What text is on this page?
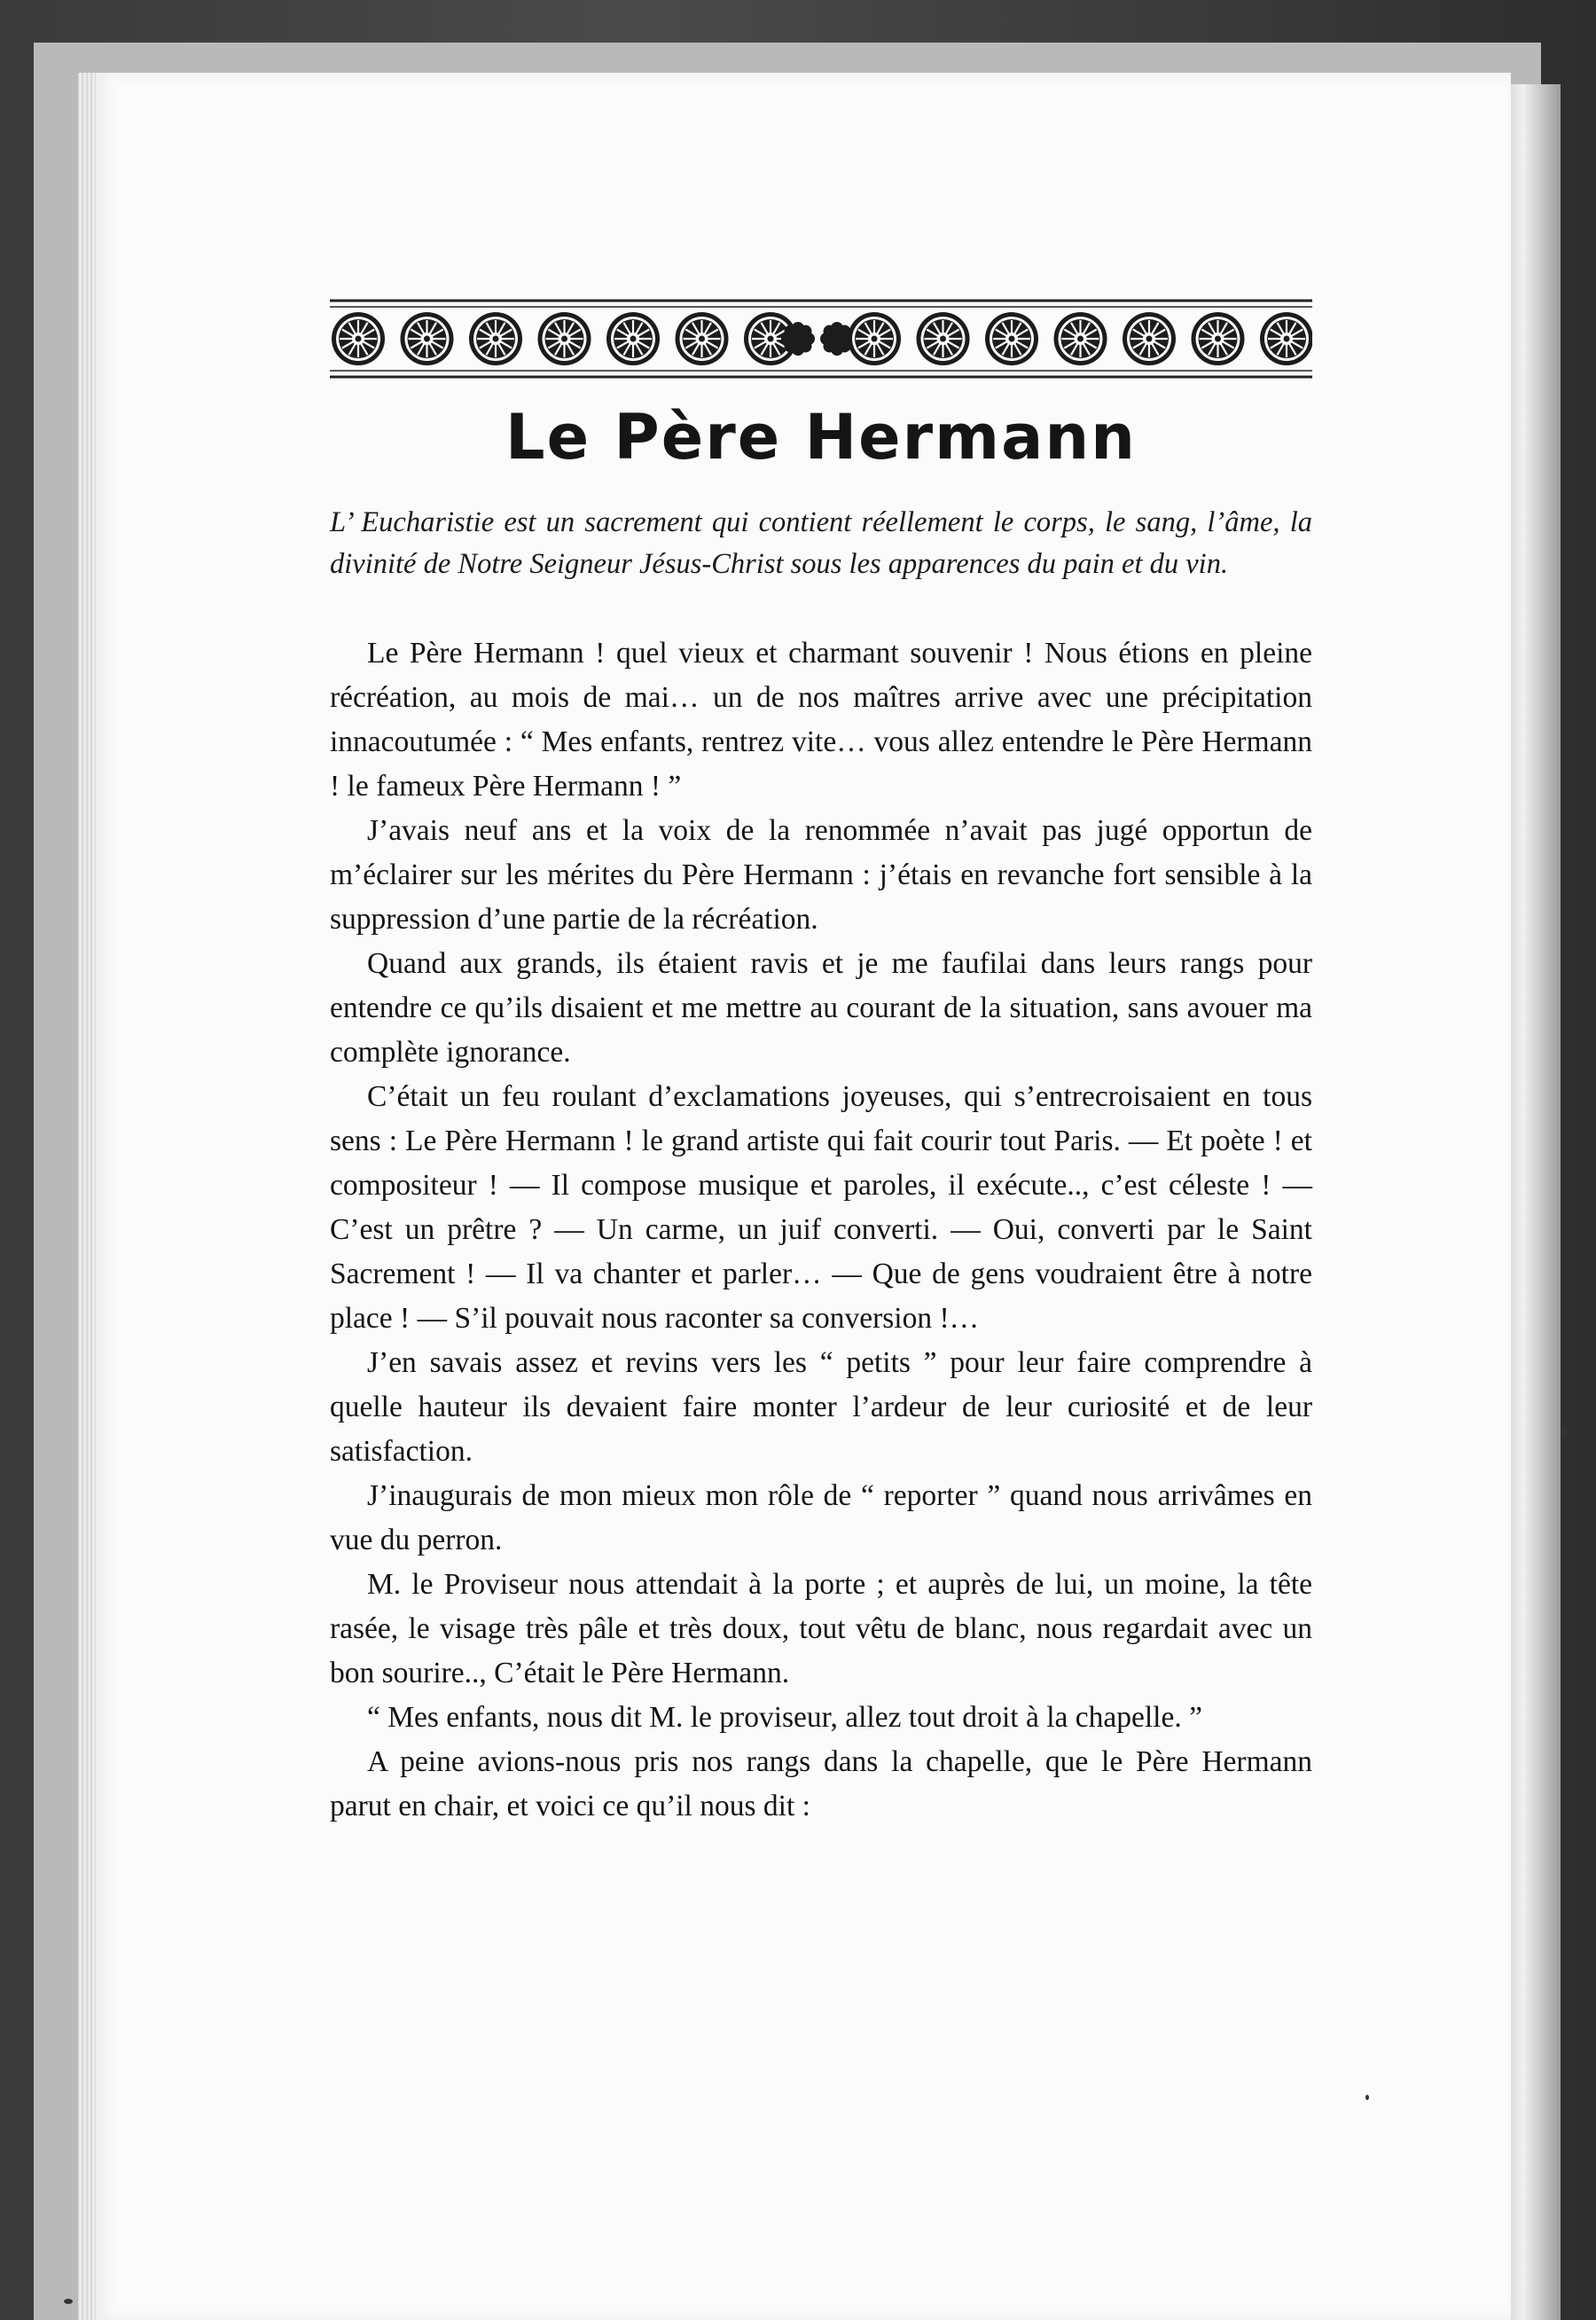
Le Père Hermann

L’ Eucharistie est un sacrement qui contient réellement le corps, le sang, l’âme, la divinité de Notre Seigneur Jésus-Christ sous les apparences du pain et du vin.

Le Père Hermann ! quel vieux et charmant souvenir ! Nous étions en pleine récréation, au mois de mai… un de nos maîtres arrive avec une précipitation innacoutumée : “ Mes enfants, rentrez vite… vous allez entendre le Père Hermann ! le fameux Père Hermann ! ”

J’avais neuf ans et la voix de la renommée n’avait pas jugé opportun de m’éclairer sur les mérites du Père Hermann : j’étais en revanche fort sensible à la suppression d’une partie de la récréation.

Quand aux grands, ils étaient ravis et je me faufilai dans leurs rangs pour entendre ce qu’ils disaient et me mettre au courant de la situation, sans avouer ma complète ignorance.

C’était un feu roulant d’exclamations joyeuses, qui s’entrecroisaient en tous sens : Le Père Hermann ! le grand artiste qui fait courir tout Paris. — Et poète ! et compositeur ! — Il compose musique et paroles, il exécute.., c’est céleste ! — C’est un prêtre ? — Un carme, un juif converti. — Oui, converti par le Saint Sacrement ! — Il va chanter et parler… — Que de gens voudraient être à notre place ! — S’il pouvait nous raconter sa conversion !…

J’en savais assez et revins vers les “ petits ” pour leur faire comprendre à quelle hauteur ils devaient faire monter l’ardeur de leur curiosité et de leur satisfaction.

J’inaugurais de mon mieux mon rôle de “ reporter ” quand nous arrivâmes en vue du perron.

M. le Proviseur nous attendait à la porte ; et auprès de lui, un moine, la tête rasée, le visage très pâle et très doux, tout vêtu de blanc, nous regardait avec un bon sourire.., C’était le Père Hermann.

“ Mes enfants, nous dit M. le proviseur, allez tout droit à la chapelle. ”

A peine avions-nous pris nos rangs dans la chapelle, que le Père Hermann parut en chair, et voici ce qu’il nous dit :
